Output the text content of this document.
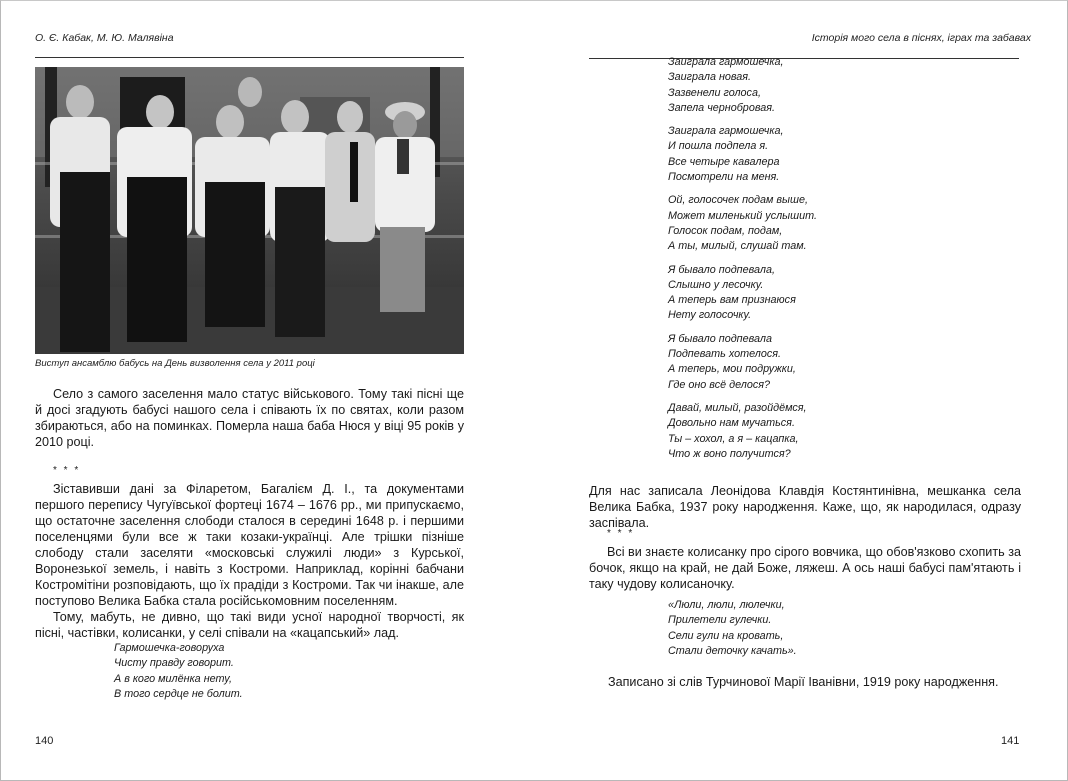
О. Є. Кабак, М. Ю. Малявіна
Виступ ансамблю бабусь на День визволення села у 2011 році

Село з самого заселення мало статус військового. Тому такі пісні ще й досі згадують бабусі нашого села і співають їх по святах, коли разом збираються, або на поминках. Померла наша баба Нюся у віці 95 років у 2010 році.

* * *

Зіставивши дані за Філаретом, Багалієм Д. І., та документами першого перепису Чугуївської фортеці 1674 – 1676 рр., ми припускаємо, що остаточне заселення слободи сталося в середині 1648 р. і першими поселенцями були все ж таки козаки-українці. Але трішки пізніше слободу стали заселяти «московські служилі люди» з Курської, Воронезької земель, і навіть з Костроми. Наприклад, корінні бабчани Костромітіни розповідають, що їх прадіди з Костроми. Так чи інакше, але поступово Велика Бабка стала російськомовним поселенням.

Тому, мабуть, не дивно, що такі види усної народної творчості, як пісні, частівки, колисанки, у селі співали на «кацапський» лад.

Гармошечка-говоруха
Чисту правду говорит.
А в кого милёнка нету,
В того сердце не болит.
140
Історія мого села в піснях, іграх та забавах
Заиграла гармошечка,
Заиграла новая.
Зазвенели голоса,
Запела чернобровая.
Заиграла гармошечка,
И пошла подпела я.
Все четыре кавалера
Посмотрели на меня.
Ой, голосочек подам выше,
Может миленький услышит.
Голосок подам, подам,
А ты, милый, слушай там.
Я бывало подпевала,
Слышно у лесочку.
А теперь вам признаюся
Нету голосочку.
Я бывало подпевала
Подпевать хотелося.
А теперь, мои подружки,
Где оно всё делося?
Давай, милый, разойдёмся,
Довольно нам мучаться.
Ты – хохол, а я – кацапка,
Что ж воно получится?

Для нас записала Леонідова Клавдія Костянтинівна, мешканка села Велика Бабка, 1937 року народження. Каже, що, як народилася, одразу заспівала.

* * *

Всі ви знаєте колисанку про сірого вовчика, що обов'язково схопить за бочок, якщо на край, не дай Боже, ляжеш. А ось наші бабусі пам'ятають і таку чудову колисаночку.

«Люли, люли, люлечки,
Прилетели гулечки.
Сели гули на кровать,
Стали деточку качать».

Записано зі слів Турчинової Марії Іванівни, 1919 року народження.

141
